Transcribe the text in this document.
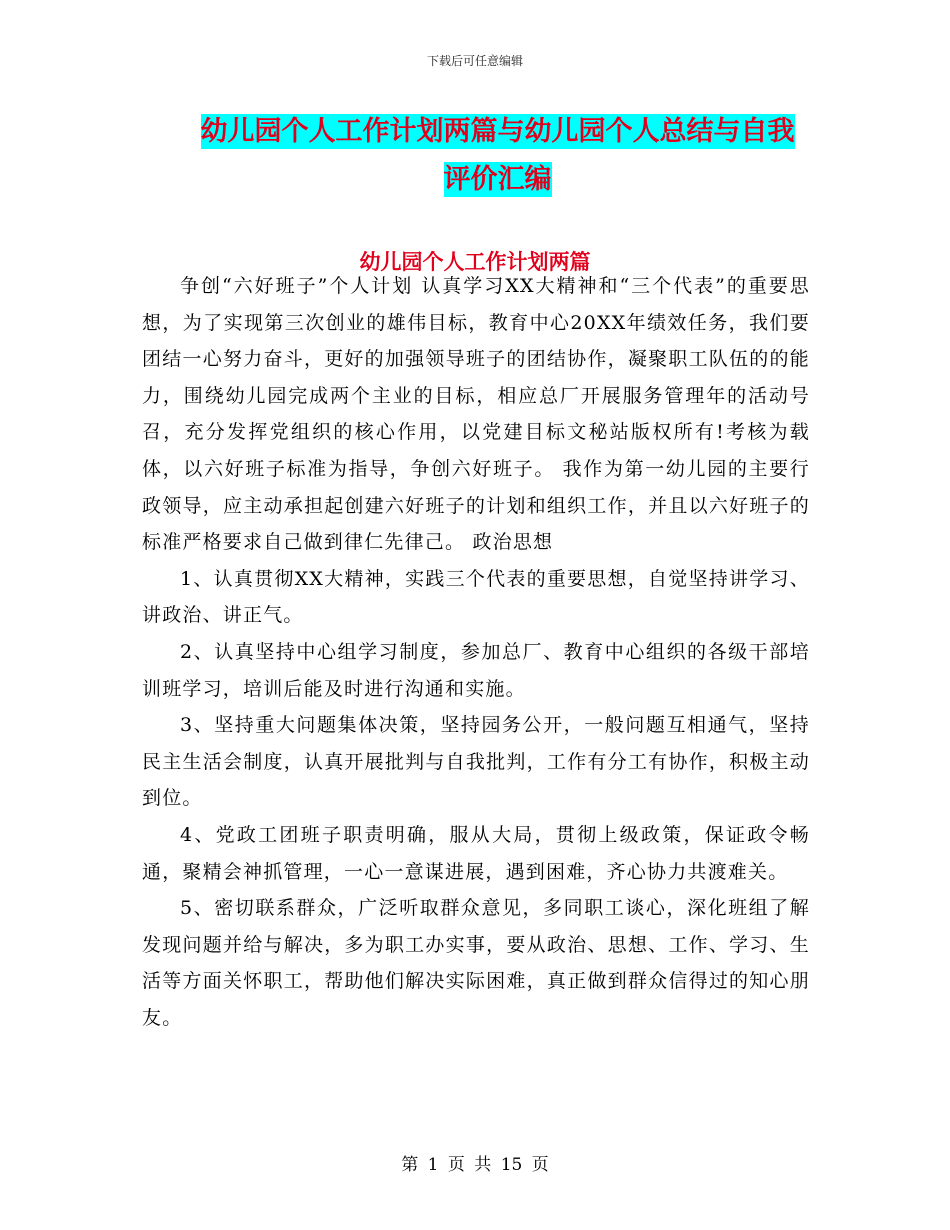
下载后可任意编辑
幼儿园个人工作计划两篇与幼儿园个人总结与自我评价汇编
幼儿园个人工作计划两篇

争创“六好班子”个人计划 认真学习XX大精神和“三个代表”的重要思想，为了实现第三次创业的雄伟目标，教育中心20XX年绩效任务，我们要团结一心努力奋斗，更好的加强领导班子的团结协作，凝聚职工队伍的的能力，围绕幼儿园完成两个主业的目标，相应总厂开展服务管理年的活动号召，充分发挥党组织的核心作用，以党建目标文秘站版权所有!考核为载体，以六好班子标准为指导，争创六好班子。 我作为第一幼儿园的主要行政领导，应主动承担起创建六好班子的计划和组织工作，并且以六好班子的标准严格要求自己做到律仁先律己。 政治思想

1、认真贯彻XX大精神，实践三个代表的重要思想，自觉坚持讲学习、讲政治、讲正气。

2、认真坚持中心组学习制度，参加总厂、教育中心组织的各级干部培训班学习，培训后能及时进行沟通和实施。

3、坚持重大问题集体决策，坚持园务公开，一般问题互相通气，坚持民主生活会制度，认真开展批判与自我批判，工作有分工有协作，积极主动到位。

4、党政工团班子职责明确，服从大局，贯彻上级政策，保证政令畅通，聚精会神抓管理，一心一意谋进展，遇到困难，齐心协力共渡难关。

5、密切联系群众，广泛听取群众意见，多同职工谈心，深化班组了解发现问题并给与解决，多为职工办实事，要从政治、思想、工作、学习、生活等方面关怀职工，帮助他们解决实际困难，真正做到群众信得过的知心朋友。

第 1 页 共 15 页
